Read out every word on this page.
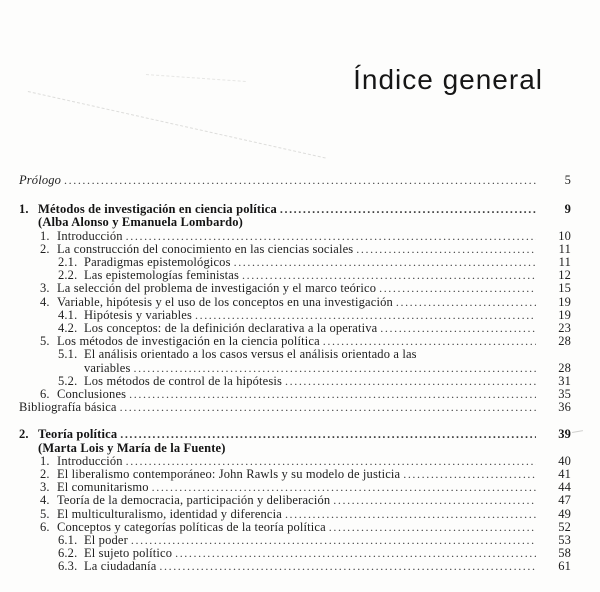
Índice general
Prólogo .....	5
1. Métodos de investigación en ciencia política .....	9
(Alba Alonso y Emanuela Lombardo)
1. Introducción .....	10
2. La construcción del conocimiento en las ciencias sociales .....	11
2.1. Paradigmas epistemológicos .....	11
2.2. Las epistemologías feministas .....	12
3. La selección del problema de investigación y el marco teórico .....	15
4. Variable, hipótesis y el uso de los conceptos en una investigación .....	19
4.1. Hipótesis y variables .....	19
4.2. Los conceptos: de la definición declarativa a la operativa .....	23
5. Los métodos de investigación en la ciencia política .....	28
5.1. El análisis orientado a los casos versus el análisis orientado a las
variables .....	28
5.2. Los métodos de control de la hipótesis .....	31
6. Conclusiones .....	35
Bibliografía básica .....	36
2. Teoría política .....	39
(Marta Lois y María de la Fuente)
1. Introducción .....	40
2. El liberalismo contemporáneo: John Rawls y su modelo de justicia .....	41
3. El comunitarismo .....	44
4. Teoría de la democracia, participación y deliberación .....	47
5. El multiculturalismo, identidad y diferencia .....	49
6. Conceptos y categorías políticas de la teoría política .....	52
6.1. El poder .....	53
6.2. El sujeto político .....	58
6.3. La ciudadanía .....	61
